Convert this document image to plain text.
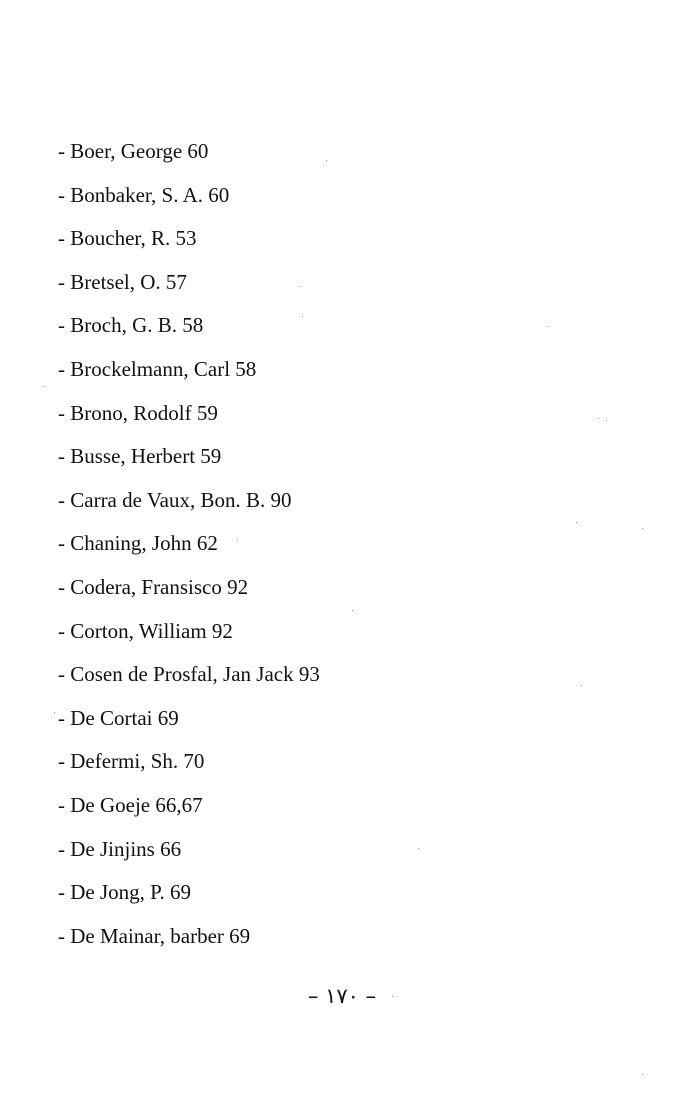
- Boer, George 60
- Bonbaker, S. A. 60
- Boucher, R. 53
- Bretsel, O. 57
- Broch, G. B. 58
- Brockelmann, Carl 58
- Brono, Rodolf 59
- Busse, Herbert 59
- Carra de Vaux, Bon. B. 90
- Chaning, John 62
- Codera, Fransisco 92
- Corton, William 92
- Cosen de Prosfal, Jan Jack 93
- De Cortai 69
- Defermi, Sh. 70
- De Goeje 66,67
- De Jinjins 66
- De Jong, P. 69
- De Mainar, barber 69
– ١٧٠ –
